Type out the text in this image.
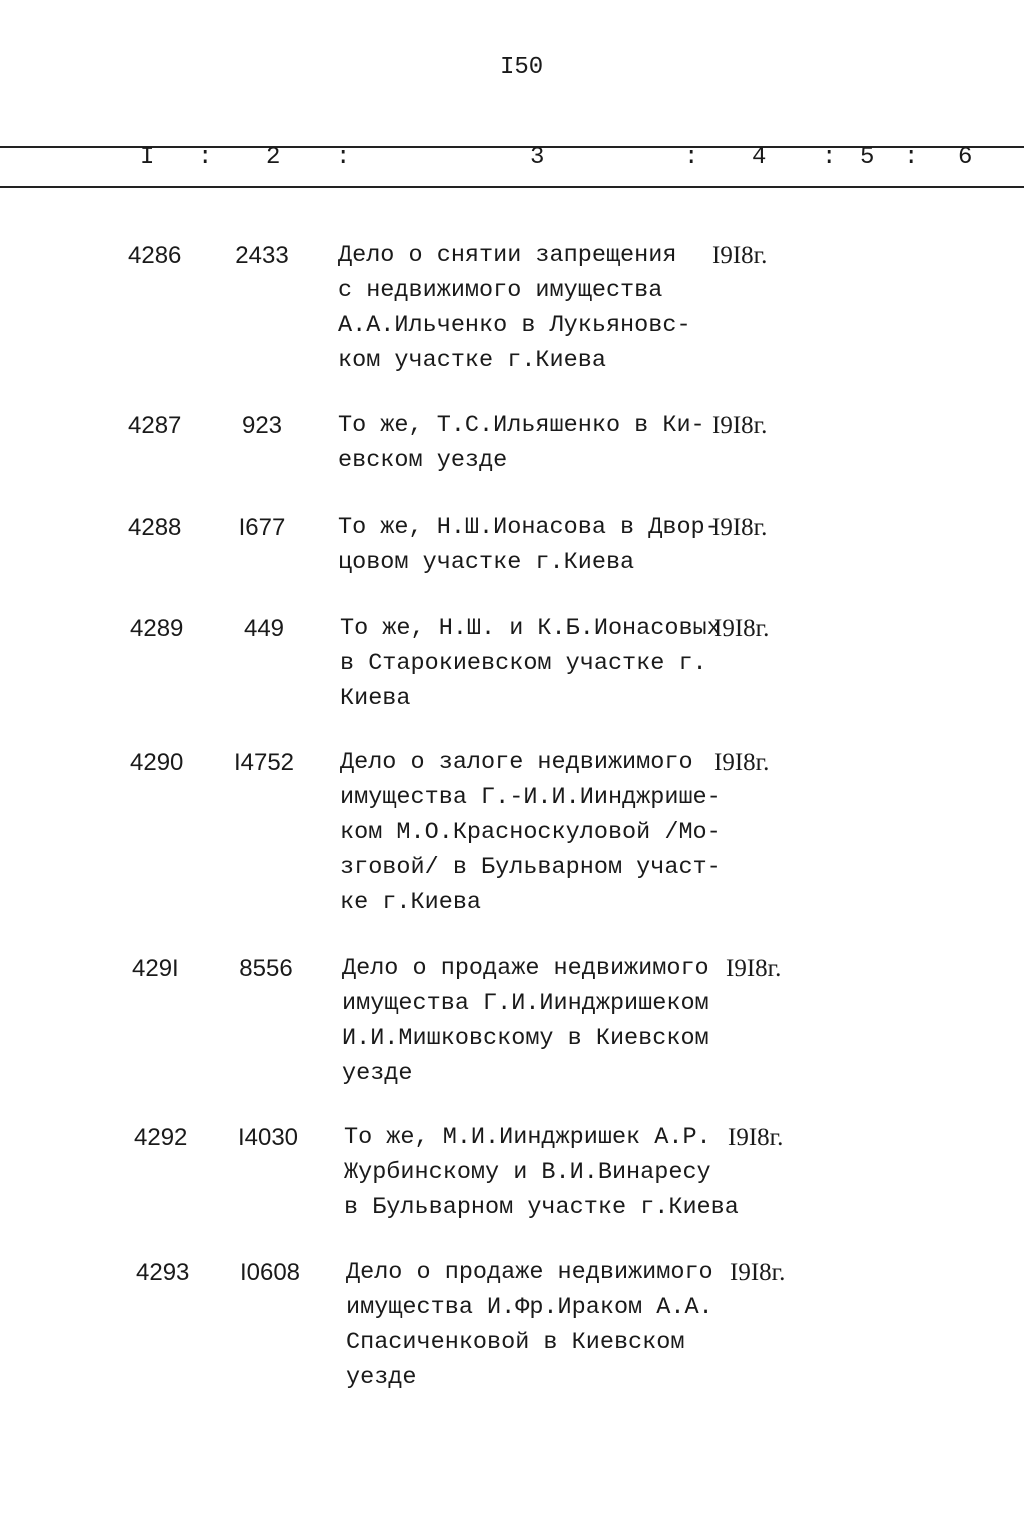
I50
I : 2 :	3	: 4 : 5 : 6
4286	2433	Дело о снятии запрещения
с недвижимого имущества
А.А.Ильченко в Лукьяновс-
ком участке г.Киева
I9I8г.
4287	923	То же, Т.С.Ильяшенко в Ки-
евском уезде
I9I8г.
4288	I677	То же, Н.Ш.Ионасова в Двор-
цовом участке г.Киева
I9I8г.
4289	449	То же, Н.Ш. и К.Б.Ионасовых
в Старокиевском участке г.
Киева
I9I8г.
4290	I4752	Дело о залоге недвижимого
имущества Г.-И.И.Иинджрише-
ком М.О.Красноскуловой /Мо-
зговой/ в Бульварном участ-
ке г.Киева
I9I8г.
429I	8556	Дело о продаже недвижимого
имущества Г.И.Иинджришеком
И.И.Мишковскому в Киевском
уезде
I9I8г.
4292	I4030	То же, М.И.Иинджришек А.Р.
Журбинскому и В.И.Винаресу
в Бульварном участке г.Киева
I9I8г.
4293	I0608	Дело о продаже недвижимого
имущества И.Фр.Ираком А.А.
Спасиченковой в Киевском
уезде
I9I8г.
